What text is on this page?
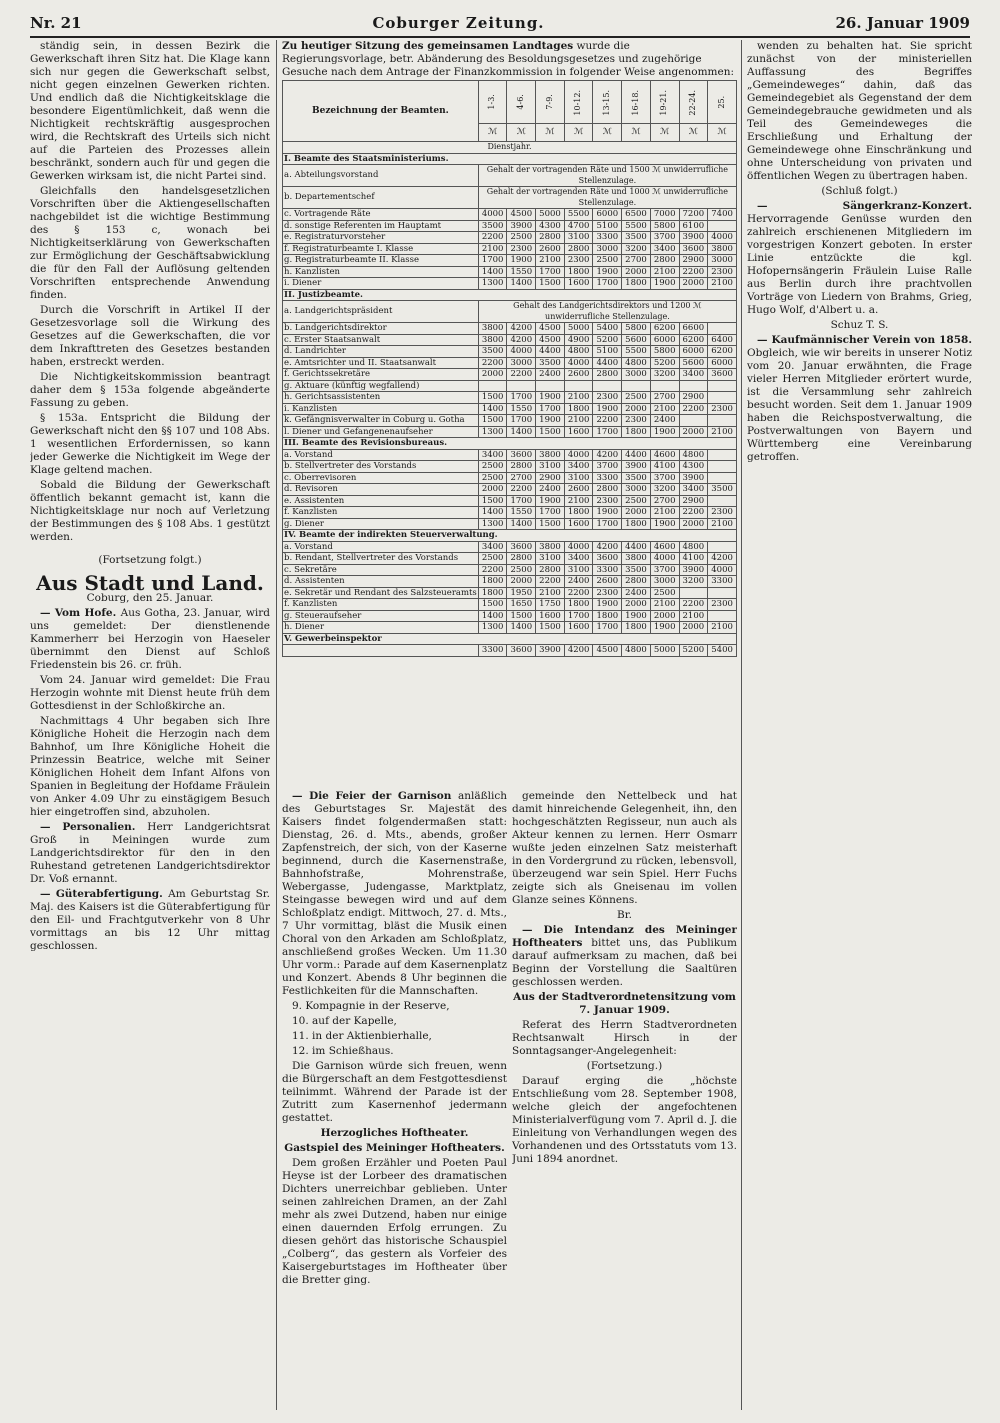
Nr. 21	Coburger Zeitung.	26. Januar 1909

ständig sein, in dessen Bezirk die Gewerkschaft ihren Sitz hat. Die Klage kann sich nur gegen die Gewerkschaft selbst, nicht gegen einzelnen Gewerken richten. Und endlich daß die Nichtigkeitsklage die besondere Eigentümlichkeit, daß wenn die Nichtigkeit rechtskräftig ausgesprochen wird, die Rechtskraft des Urteils sich nicht auf die Parteien des Prozesses allein beschränkt, sondern auch für und gegen die Gewerken wirksam ist, die nicht Partei sind.

Gleichfalls den handelsgesetzlichen Vorschriften über die Aktiengesellschaften nachgebildet ist die wichtige Bestimmung des § 153 c, wonach bei Nichtigkeitserklärung von Gewerkschaften zur Ermöglichung der Geschäftsabwicklung die für den Fall der Auflösung geltenden Vorschriften entsprechende Anwendung finden.

Durch die Vorschrift in Artikel II der Gesetzesvorlage soll die Wirkung des Gesetzes auf die Gewerkschaften, die vor dem Inkrafttreten des Gesetzes bestanden haben, erstreckt werden.

Die Nichtigkeitskommission beantragt daher dem § 153a folgende abgeänderte Fassung zu geben.

§ 153a. Entspricht die Bildung der Gewerkschaft nicht den §§ 107 und 108 Abs. 1 wesentlichen Erfordernissen, so kann jeder Gewerke die Nichtigkeit im Wege der Klage geltend machen.

Sobald die Bildung der Gewerkschaft öffentlich bekannt gemacht ist, kann die Nichtigkeitsklage nur noch auf Verletzung der Bestimmungen des § 108 Abs. 1 gestützt werden.

(Fortsetzung folgt.)

Aus Stadt und Land.
Coburg, den 25. Januar.

— Vom Hofe. Aus Gotha, 23. Januar, wird uns gemeldet: Der dienstlenende Kammerherr bei Herzogin von Haeseler übernimmt den Dienst auf Schloß Friedenstein bis 26. cr. früh.

Vom 24. Januar wird gemeldet: Die Frau Herzogin wohnte mit Dienst heute früh dem Gottesdienst in der Schloßkirche an.

Nachmittags 4 Uhr begaben sich Ihre Königliche Hoheit die Herzogin nach dem Bahnhof, um Ihre Königliche Hoheit die Prinzessin Beatrice, welche mit Seiner Königlichen Hoheit dem Infant Alfons von Spanien in Begleitung der Hofdame Fräulein von Anker 4.09 Uhr zu einstägigem Besuch hier eingetroffen sind, abzuholen.

— Personalien. Herr Landgerichtsrat Groß in Meiningen wurde zum Landgerichtsdirektor für den in den Ruhestand getretenen Landgerichtsdirektor Dr. Voß ernannt.

— Güterabfertigung. Am Geburtstag Sr. Maj. des Kaisers ist die Güterabfertigung für den Eil- und Frachtgutverkehr von 8 Uhr vormittags an bis 12 Uhr mittag geschlossen.

Zu heutiger Sitzung des gemeinsamen Landtages wurde die Regierungsvorlage, betr. Abänderung des Besoldungsgesetzes und zugehörige Gesuche nach dem Antrage der Finanzkommission in folgender Weise angenommen:
Bezeichnung der Beamten.	1-3.	4-6.	7-9.	10-12.	13-15.	16-18.	19-21.	22-24.	25.
	ℳ	ℳ	ℳ	ℳ	ℳ	ℳ	ℳ	ℳ	ℳ
Dienstjahr.									
I. Beamte des Staatsministeriums.									
a. Abteilungsvorstand	Gehalt der vortragenden Räte und 1500 ℳ unwiderrufliche Stellenzulage.								
b. Departementschef	Gehalt der vortragenden Räte und 1000 ℳ unwiderrufliche Stellenzulage.								
c. Vortragende Räte	4000	4500	5000	5500	6000	6500	7000	7200	7400
d. sonstige Referenten im Hauptamt	3500	3900	4300	4700	5100	5500	5800	6100	
e. Registraturvorsteher	2200	2500	2800	3100	3300	3500	3700	3900	4000
f. Registraturbeamte I. Klasse	2100	2300	2600	2800	3000	3200	3400	3600	3800
g. Registraturbeamte II. Klasse	1700	1900	2100	2300	2500	2700	2800	2900	3000
h. Kanzlisten	1400	1550	1700	1800	1900	2000	2100	2200	2300
i. Diener	1300	1400	1500	1600	1700	1800	1900	2000	2100
II. Justizbeamte.									
a. Landgerichtspräsident	Gehalt des Landgerichtsdirektors und 1200 ℳ unwiderrufliche Stellenzulage.								
b. Landgerichtsdirektor	3800	4200	4500	5000	5400	5800	6200	6600	
c. Erster Staatsanwalt	3800	4200	4500	4900	5200	5600	6000	6200	6400
d. Landrichter	3500	4000	4400	4800	5100	5500	5800	6000	6200
e. Amtsrichter und II. Staatsanwalt	2200	3000	3500	4000	4400	4800	5200	5600	6000
f. Gerichtssekretäre	2000	2200	2400	2600	2800	3000	3200	3400	3600
g. Aktuare (künftig wegfallend)									
h. Gerichtsassistenten	1500	1700	1900	2100	2300	2500	2700	2900	
i. Kanzlisten	1400	1550	1700	1800	1900	2000	2100	2200	2300
k. Gefängnisverwalter in Coburg u. Gotha	1500	1700	1900	2100	2200	2300	2400		
l. Diener und Gefangenenaufseher	1300	1400	1500	1600	1700	1800	1900	2000	2100
III. Beamte des Revisionsbureaus.									
a. Vorstand	3400	3600	3800	4000	4200	4400	4600	4800	
b. Stellvertreter des Vorstands	2500	2800	3100	3400	3700	3900	4100	4300	
c. Oberrevisoren	2500	2700	2900	3100	3300	3500	3700	3900	
d. Revisoren	2000	2200	2400	2600	2800	3000	3200	3400	3500
e. Assistenten	1500	1700	1900	2100	2300	2500	2700	2900	
f. Kanzlisten	1400	1550	1700	1800	1900	2000	2100	2200	2300
g. Diener	1300	1400	1500	1600	1700	1800	1900	2000	2100
IV. Beamte der indirekten Steuerverwaltung.									
a. Vorstand	3400	3600	3800	4000	4200	4400	4600	4800	
b. Rendant, Stellvertreter des Vorstands	2500	2800	3100	3400	3600	3800	4000	4100	4200
c. Sekretäre	2200	2500	2800	3100	3300	3500	3700	3900	4000
d. Assistenten	1800	2000	2200	2400	2600	2800	3000	3200	3300
e. Sekretär und Rendant des Salzsteueramts	1800	1950	2100	2200	2300	2400	2500		
f. Kanzlisten	1500	1650	1750	1800	1900	2000	2100	2200	2300
g. Steueraufseher	1400	1500	1600	1700	1800	1900	2000	2100	
h. Diener	1300	1400	1500	1600	1700	1800	1900	2000	2100
V. Gewerbeinspektor									
	3300	3600	3900	4200	4500	4800	5000	5200	5400

— Die Feier der Garnison anläßlich des Geburtstages Sr. Majestät des Kaisers findet folgendermaßen statt: Dienstag, 26. d. Mts., abends, großer Zapfenstreich, der sich, von der Kaserne beginnend, durch die Kasernenstraße, Bahnhofstraße, Mohrenstraße, Webergasse, Judengasse, Marktplatz, Steingasse bewegen wird und auf dem Schloßplatz endigt. Mittwoch, 27. d. Mts., 7 Uhr vormittag, bläst die Musik einen Choral von den Arkaden am Schloßplatz, anschließend großes Wecken. Um 11.30 Uhr vorm.: Parade auf dem Kasernenplatz und Konzert. Abends 8 Uhr beginnen die Festlichkeiten für die Mannschaften.

9. Kompagnie in der Reserve,

10. auf der Kapelle,

11. in der Aktienbierhalle,

12. im Schießhaus.

Die Garnison würde sich freuen, wenn die Bürgerschaft an dem Festgottesdienst teilnimmt. Während der Parade ist der Zutritt zum Kasernenhof jedermann gestattet.

Herzogliches Hoftheater.
Gastspiel des Meininger Hoftheaters.

Dem großen Erzähler und Poeten Paul Heyse ist der Lorbeer des dramatischen Dichters unerreichbar geblieben. Unter seinen zahlreichen Dramen, an der Zahl mehr als zwei Dutzend, haben nur einige einen dauernden Erfolg errungen. Zu diesen gehört das historische Schauspiel „Colberg“, das gestern als Vorfeier des Kaisergeburtstages im Hoftheater über die Bretter ging.

gemeinde den Nettelbeck und hat damit hinreichende Gelegenheit, ihn, den hochgeschätzten Regisseur, nun auch als Akteur kennen zu lernen. Herr Osmarr wußte jeden einzelnen Satz meisterhaft in den Vordergrund zu rücken, lebensvoll, überzeugend war sein Spiel. Herr Fuchs zeigte sich als Gneisenau im vollen Glanze seines Könnens.

Br.

— Die Intendanz des Meininger Hoftheaters bittet uns, das Publikum darauf aufmerksam zu machen, daß bei Beginn der Vorstellung die Saaltüren geschlossen werden.

Aus der Stadtverordnetensitzung vom 7. Januar 1909.

Referat des Herrn Stadtverordneten Rechtsanwalt Hirsch in der Sonntagsanger-Angelegenheit:

(Fortsetzung.)

Darauf erging die „höchste Entschließung vom 28. September 1908, welche gleich der angefochtenen Ministerialverfügung vom 7. April d. J. die Einleitung von Verhandlungen wegen des Vorhandenen und des Ortsstatuts vom 13. Juni 1894 anordnet.

wenden zu behalten hat. Sie spricht zunächst von der ministeriellen Auffassung des Begriffes „Gemeindeweges“ dahin, daß das Gemeindegebiet als Gegenstand der dem Gemeindegebrauche gewidmeten und als Teil des Gemeindeweges die Erschließung und Erhaltung der Gemeindewege ohne Einschränkung und ohne Unterscheidung von privaten und öffentlichen Wegen zu übertragen haben.

(Schluß folgt.)

— Sängerkranz-Konzert. Hervorragende Genüsse wurden den zahlreich erschienenen Mitgliedern im vorgestrigen Konzert geboten. In erster Linie entzückte die kgl. Hofopernsängerin Fräulein Luise Ralle aus Berlin durch ihre prachtvollen Vorträge von Liedern von Brahms, Grieg, Hugo Wolf, d'Albert u. a.

Schuz T. S.

— Kaufmännischer Verein von 1858. Obgleich, wie wir bereits in unserer Notiz vom 20. Januar erwähnten, die Frage vieler Herren Mitglieder erörtert wurde, ist die Versammlung sehr zahlreich besucht worden. Seit dem 1. Januar 1909 haben die Reichspostverwaltung, die Postverwaltungen von Bayern und Württemberg eine Vereinbarung getroffen.
